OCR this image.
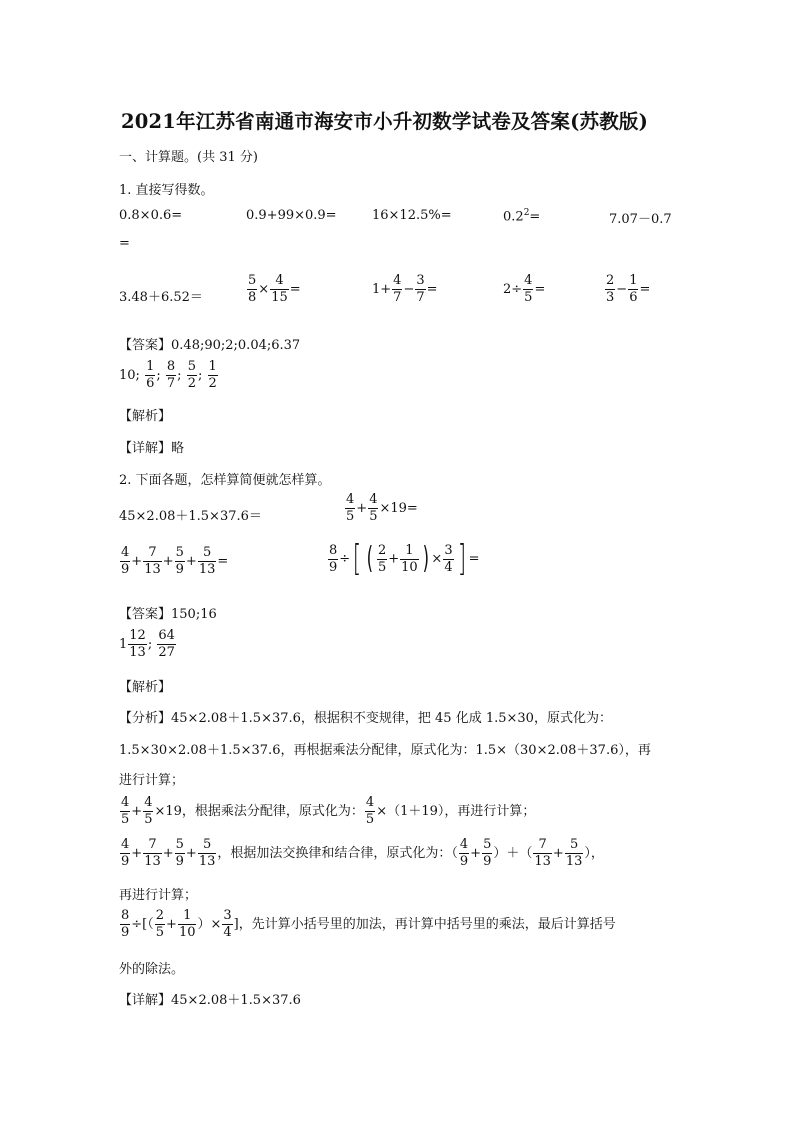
2021年江苏省南通市海安市小升初数学试卷及答案(苏教版)
一、计算题。(共 31 分)
1. 直接写得数。
0.8×0.6=	0.9+99×0.9=	16×12.5%=	$0.2^2=$	7.07－0.7
=
3.48＋6.52＝	$\frac{5}{8} \times \frac{4}{15}$ =	$1+ \frac{4}{7} - \frac{3}{7}$ =	$2\div \frac{4}{5}$ =	$\frac{2}{3} - \frac{1}{6}$ =
【答案】0.48;90;2;0.04;6.37
10; $\frac{1}{6}$ ; $\frac{8}{7}$ ; $\frac{5}{2}$ ; $\frac{1}{2}$
【解析】
【详解】略
2. 下面各题，怎样算简便就怎样算。
45×2.08＋1.5×37.6＝	$\frac{4}{5} + \frac{4}{5} \times 19=$
$\frac{4}{9} + \frac{7}{13} + \frac{5}{9} + \frac{5}{13}$ =	$\frac{8}{9}$ ÷[ ( $\frac{2}{5} + \frac{1}{10}$ ) × $\frac{3}{4}$ ] =
【答案】150;16
$1 \frac{12}{13}$ ; $\frac{64}{27}$
【解析】
【分析】45×2.08＋1.5×37.6，根据积不变规律，把 45 化成 1.5×30，原式化为：
1.5×30×2.08＋1.5×37.6，再根据乘法分配律，原式化为：1.5×（30×2.08＋37.6），再
进行计算；
$\frac{4}{5} + \frac{4}{5} \times 19$，根据乘法分配律，原式化为： $\frac{4}{5} \times(1+19)$，再进行计算；
$\frac{4}{9} + \frac{7}{13} + \frac{5}{9} + \frac{5}{13}$ ，根据加法交换律和结合律，原式化为：（ $\frac{4}{9} + \frac{5}{9}$ ）＋（ $\frac{7}{13} + \frac{5}{13}$ ），
再进行计算；
$\frac{8}{9}$ ÷[（ $\frac{2}{5} + \frac{1}{10}$ ）× $\frac{3}{4}$ ]，先计算小括号里的加法，再计算中括号里的乘法，最后计算括号
外的除法。
【详解】45×2.08＋1.5×37.6
